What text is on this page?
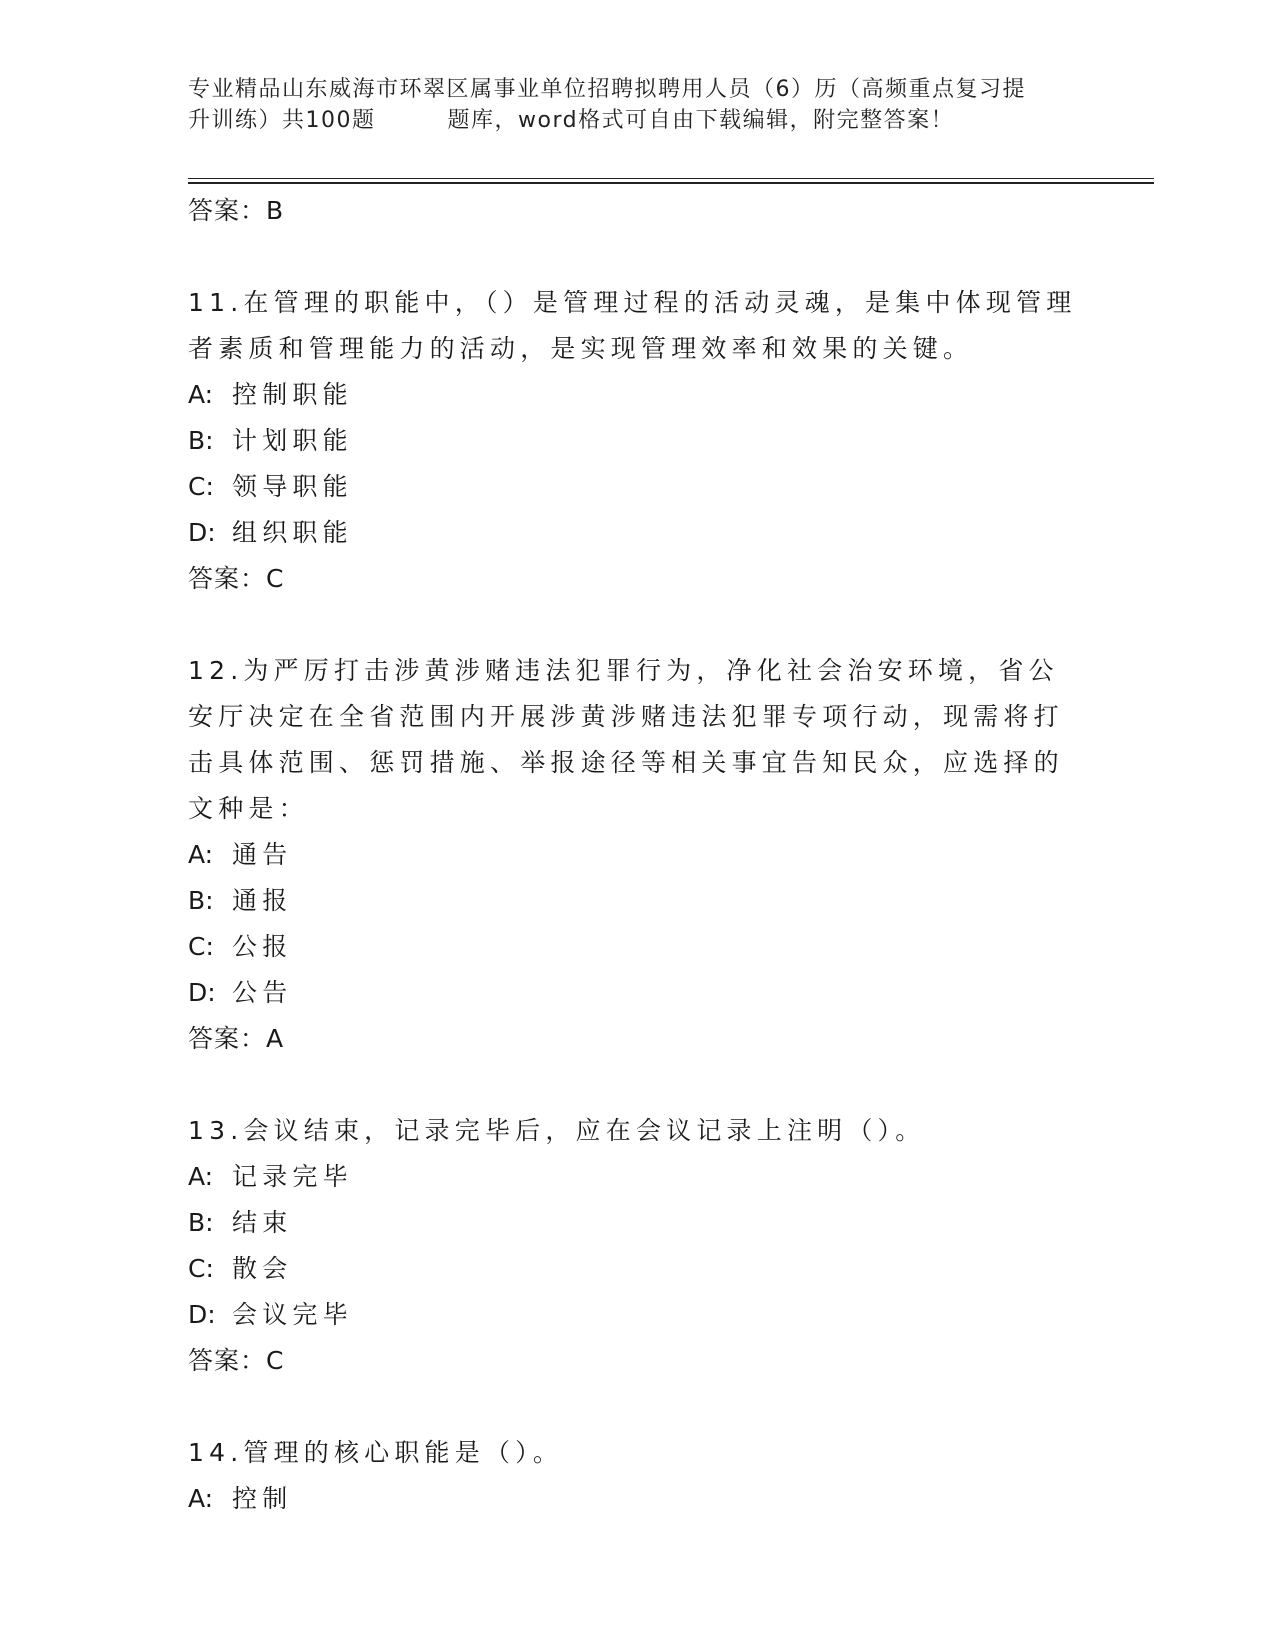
专业精品山东威海市环翠区属事业单位招聘拟聘用人员（6）历（高频重点复习提
升训练）共100题	题库，word格式可自由下载编辑，附完整答案！

答案：B

11.在管理的职能中，（）是管理过程的活动灵魂，是集中体现管理者素质和管理能力的活动，是实现管理效率和效果的关键。

A: 控制职能

B: 计划职能

C: 领导职能

D: 组织职能

答案：C

12.为严厉打击涉黄涉赌违法犯罪行为，净化社会治安环境，省公安厅决定在全省范围内开展涉黄涉赌违法犯罪专项行动，现需将打击具体范围、惩罚措施、举报途径等相关事宜告知民众，应选择的文种是：

A: 通告

B: 通报

C: 公报

D: 公告

答案：A

13.会议结束，记录完毕后，应在会议记录上注明（）。

A: 记录完毕

B: 结束

C: 散会

D: 会议完毕

答案：C

14.管理的核心职能是（）。

A: 控制
